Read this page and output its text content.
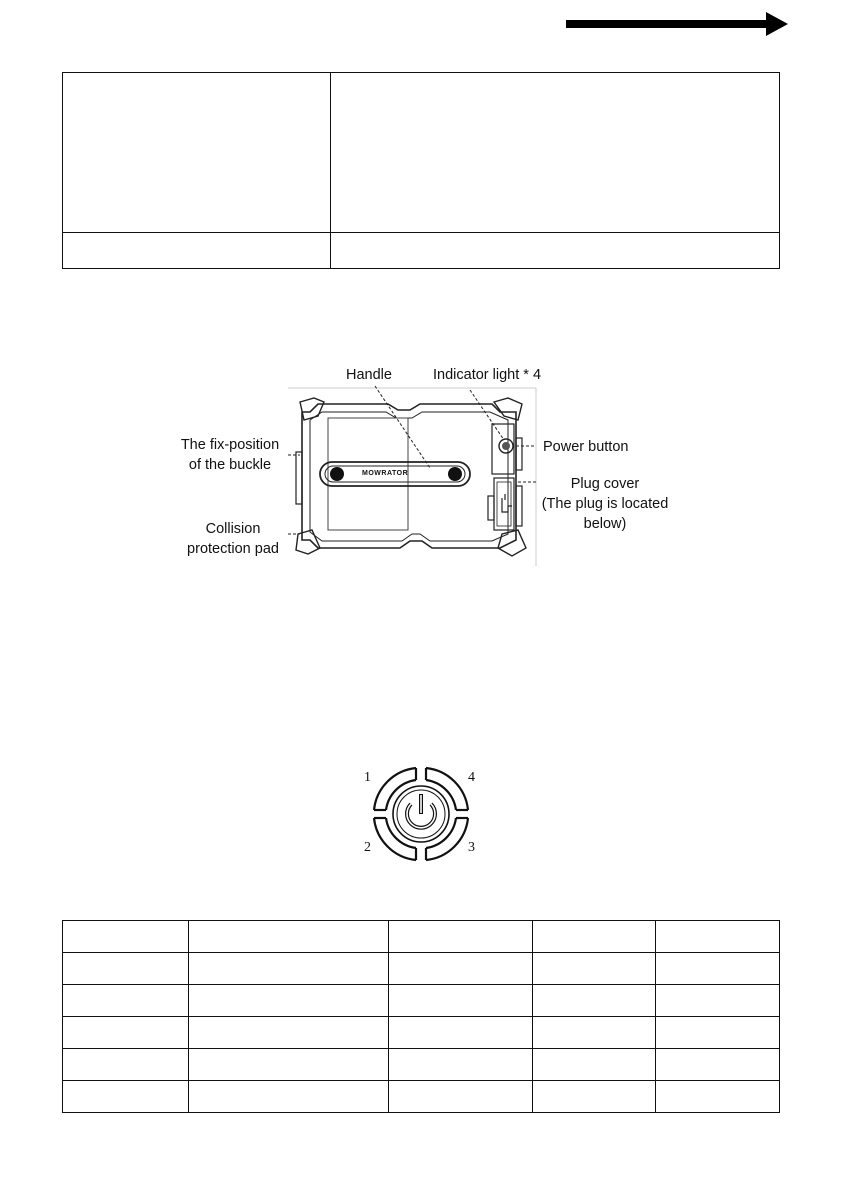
MOWRATOR
Handle	Indicator light * 4
The fix-position
of the buckle
Power button
Plug cover
(The plug is located
below)
Collision
protection pad
1	4
2	3
